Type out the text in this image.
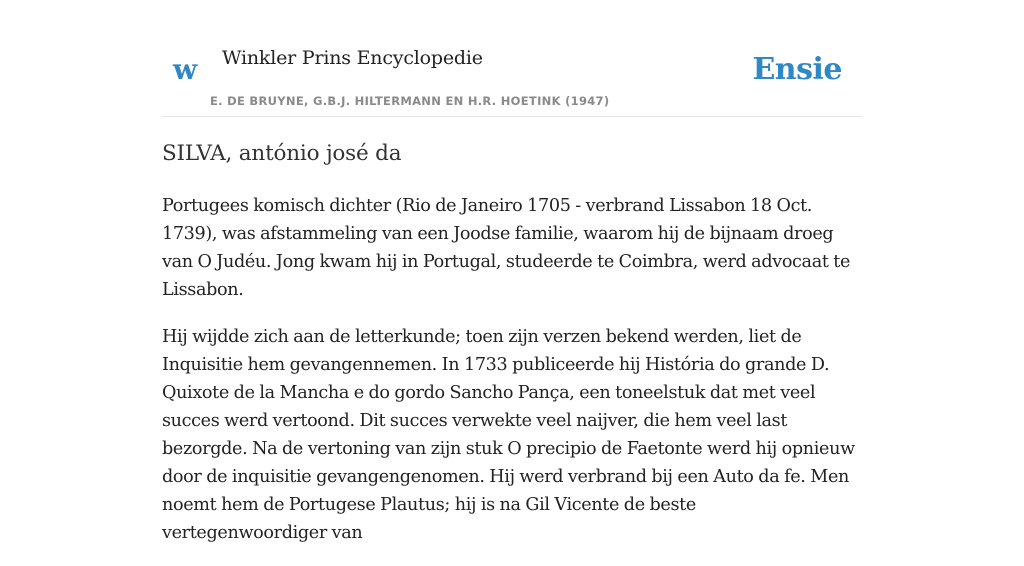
w Winkler Prins Encyclopedie
E. DE BRUYNE, G.B.J. HILTERMANN EN H.R. HOETINK (1947)
Ensie
SILVA, antónio josé da

Portugees komisch dichter (Rio de Janeiro 1705 - verbrand Lissabon 18 Oct. 1739), was afstammeling van een Joodse familie, waarom hij de bijnaam droeg van O Judéu. Jong kwam hij in Portugal, studeerde te Coimbra, werd advocaat te Lissabon.

Hij wijdde zich aan de letterkunde; toen zijn verzen bekend werden, liet de Inquisitie hem gevangennemen. In 1733 publiceerde hij História do grande D. Quixote de la Mancha e do gordo Sancho Pança, een toneelstuk dat met veel succes werd vertoond. Dit succes verwekte veel naijver, die hem veel last bezorgde. Na de vertoning van zijn stuk O precipio de Faetonte werd hij opnieuw door de inquisitie gevangengenomen. Hij werd verbrand bij een Auto da fe. Men noemt hem de Portugese Plautus; hij is na Gil Vicente de beste vertegenwoordiger van
